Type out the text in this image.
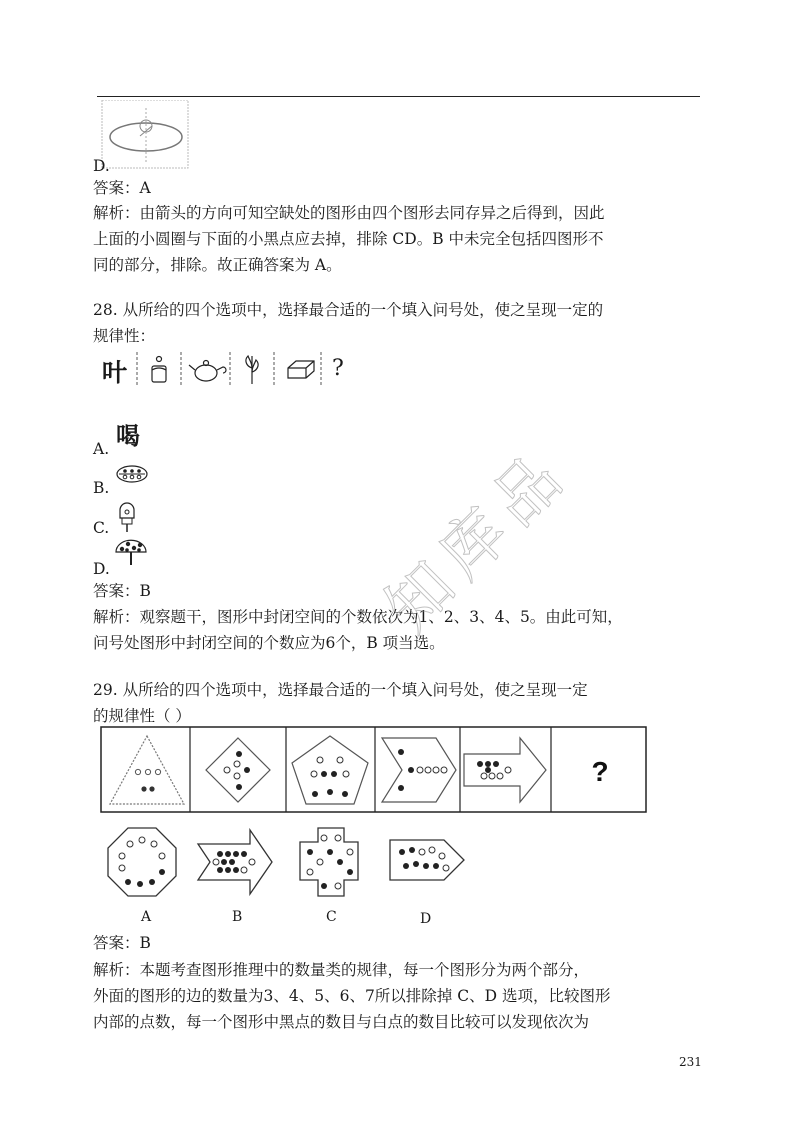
D.
答案：A
解析：由箭头的方向可知空缺处的图形由四个图形去同存异之后得到，因此
上面的小圆圈与下面的小黑点应去掉，排除 CD。B 中未完全包括四图形不
同的部分，排除。故正确答案为 A。
28. 从所给的四个选项中，选择最合适的一个填入问号处，使之呈现一定的
规律性：
叶	?
A. 喝
B.
C.
D.
答案：B
解析：观察题干，图形中封闭空间的个数依次为1、2、3、4、5。由此可知，
问号处图形中封闭空间的个数应为6个，B 项当选。
29. 从所给的四个选项中，选择最合适的一个填入问号处，使之呈现一定
的规律性（ ）
?
A	B	C	D
答案：B
解析：本题考查图形推理中的数量类的规律，每一个图形分为两个部分，
外面的图形的边的数量为3、4、5、6、7所以排除掉 C、D 选项，比较图形
内部的点数，每一个图形中黑点的数目与白点的数目比较可以发现依次为
知
库
品
231
